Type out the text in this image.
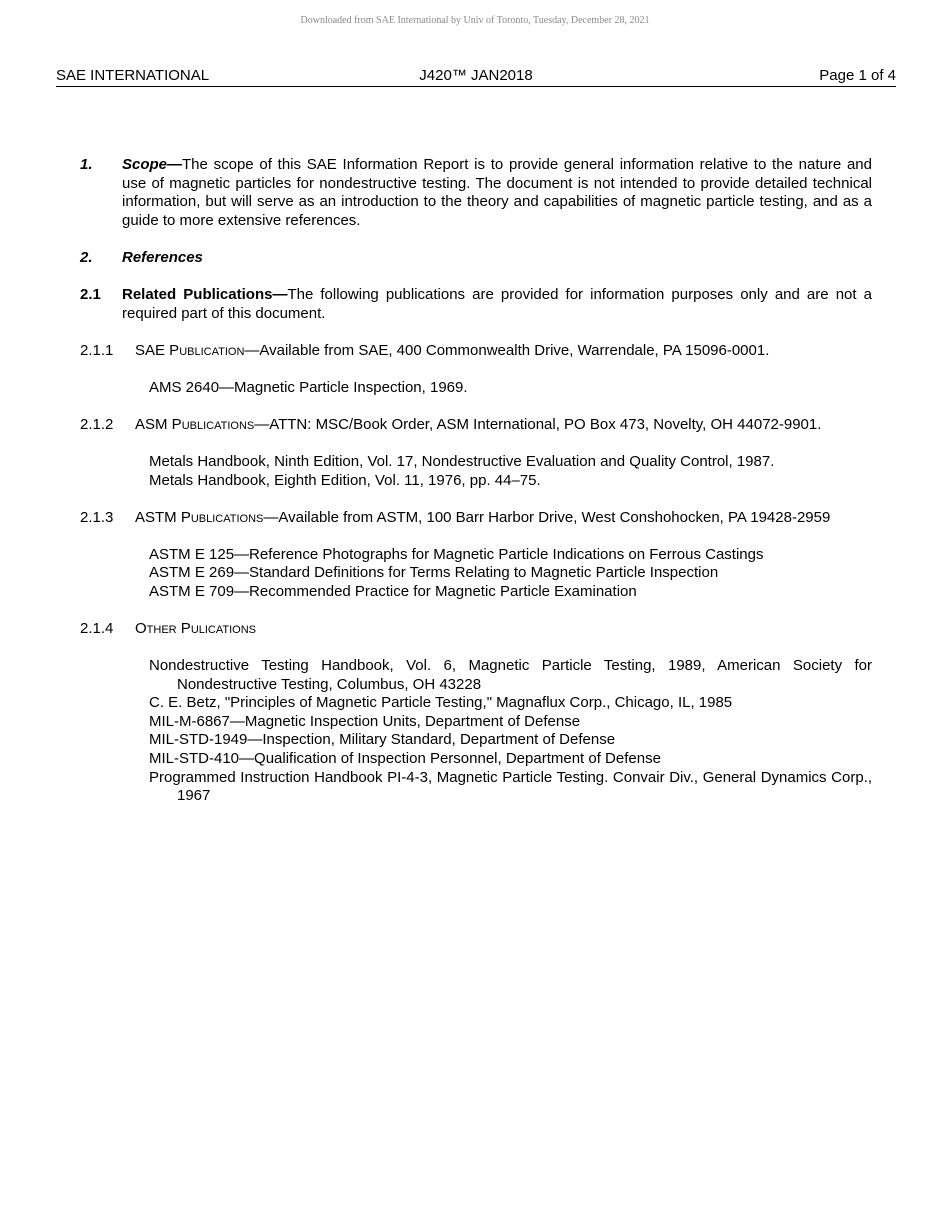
Downloaded from SAE International by Univ of Toronto, Tuesday, December 28, 2021
SAE INTERNATIONAL	J420™ JAN2018	Page 1 of 4
1.	Scope—The scope of this SAE Information Report is to provide general information relative to the nature and use of magnetic particles for nondestructive testing. The document is not intended to provide detailed technical information, but will serve as an introduction to the theory and capabilities of magnetic particle testing, and as a guide to more extensive references.
2.	References
2.1	Related Publications—The following publications are provided for information purposes only and are not a required part of this document.
2.1.1	SAE Publication—Available from SAE, 400 Commonwealth Drive, Warrendale, PA 15096-0001.

AMS 2640—Magnetic Particle Inspection, 1969.

2.1.2	ASM Publications—ATTN: MSC/Book Order, ASM International, PO Box 473, Novelty, OH 44072-9901.

Metals Handbook, Ninth Edition, Vol. 17, Nondestructive Evaluation and Quality Control, 1987.

Metals Handbook, Eighth Edition, Vol. 11, 1976, pp. 44–75.

2.1.3	ASTM Publications—Available from ASTM, 100 Barr Harbor Drive, West Conshohocken, PA 19428-2959

ASTM E 125—Reference Photographs for Magnetic Particle Indications on Ferrous Castings

ASTM E 269—Standard Definitions for Terms Relating to Magnetic Particle Inspection

ASTM E 709—Recommended Practice for Magnetic Particle Examination

2.1.4	Other Pulications

Nondestructive Testing Handbook, Vol. 6, Magnetic Particle Testing, 1989, American Society for Nondestructive Testing, Columbus, OH 43228

C. E. Betz, "Principles of Magnetic Particle Testing," Magnaflux Corp., Chicago, IL, 1985

MIL-M-6867—Magnetic Inspection Units, Department of Defense

MIL-STD-1949—Inspection, Military Standard, Department of Defense

MIL-STD-410—Qualification of Inspection Personnel, Department of Defense

Programmed Instruction Handbook PI-4-3, Magnetic Particle Testing. Convair Div., General Dynamics Corp., 1967
